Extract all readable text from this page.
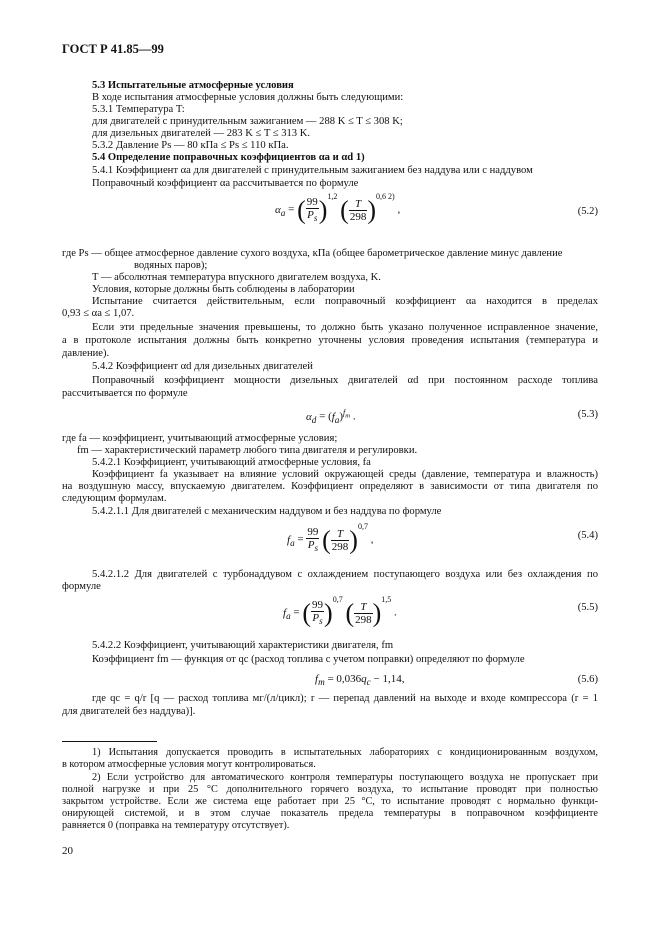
ГОСТ Р 41.85—99
5.3 Испытательные атмосферные условия
В ходе испытания атмосферные условия должны быть следующими:
5.3.1 Температура T:
для двигателей с принудительным зажиганием — 288 K ≤ T ≤ 308 K;
для дизельных двигателей — 283 K ≤ T ≤ 313 K.
5.3.2 Давление Ps — 80 кПа ≤ Ps ≤ 110 кПа.
5.4 Определение поправочных коэффициентов αa и αd 1)
5.4.1 Коэффициент αa для двигателей с принудительным зажиганием без наддува или с наддувом
Поправочный коэффициент αa рассчитывается по формуле
$\alpha_a$ = ( $\frac{99}{P_s} )^{1,2}$ ( $\frac{T}{298} )^{0,6 2)}$ ,	(5.2)
где Ps — общее атмосферное давление сухого воздуха, кПа (общее барометрическое давление минус давление
водяных паров);
T — абсолютная температура впускного двигателем воздуха, K.
Условия, которые должны быть соблюдены в лаборатории
Испытание считается действительным, если поправочный коэффициент αa находится в пределах
0,93 ≤ αa ≤ 1,07.
Если эти предельные значения превышены, то должно быть указано полученное исправленное значение,
а в протоколе испытания должны быть конкретно уточнены условия проведения испытания (температура и
давление).
5.4.2 Коэффициент αd для дизельных двигателей
Поправочный коэффициент мощности дизельных двигателей αd при постоянном расходе топлива
рассчитывается по формуле
$\alpha_d = (f_a)^{f_m}$ .	(5.3)
где fa — коэффициент, учитывающий атмосферные условия;
fm — характеристический параметр любого типа двигателя и регулировки.
5.4.2.1 Коэффициент, учитывающий атмосферные условия, fa
Коэффициент fa указывает на влияние условий окружающей среды (давление, температура и влажность)
на воздушную массу, впускаемую двигателем. Коэффициент определяют в зависимости от типа двигателя по
следующим формулам.
5.4.2.1.1 Для двигателей с механическим наддувом и без наддува по формуле
$f_a = \frac{99}{P_s}$ ( $\frac{T}{298} )^{0,7}$ ,	(5.4)
5.4.2.1.2 Для двигателей с турбонаддувом с охлаждением поступающего воздуха или без охлаждения по
формуле
$f_a$ = ( $\frac{99}{P_s} )^{0,7}$ ( $\frac{T}{298} )^{1,5}$ .	(5.5)
5.4.2.2 Коэффициент, учитывающий характеристики двигателя, fm
Коэффициент fm — функция от qc (расход топлива с учетом поправки) определяют по формуле
$f_m = 0,036q_c - 1,14$,	(5.6)
где qc = q/r [q — расход топлива мг/(л/цикл); r — перепад давлений на выходе и входе компрессора (r = 1
для двигателей без наддува)].
1) Испытания допускается проводить в испытательных лабораториях с кондиционированным воздухом,
в котором атмосферные условия могут контролироваться.
2) Если устройство для автоматического контроля температуры поступающего воздуха не пропускает при
полной нагрузке и при 25 °С дополнительного горячего воздуха, то испытание проводят при полностью
закрытом устройстве. Если же система еще работает при 25 °С, то испытание проводят с нормально функци-
онирующей системой, и в этом случае показатель предела температуры в поправочном коэффициенте
равняется 0 (поправка на температуру отсутствует).
20
